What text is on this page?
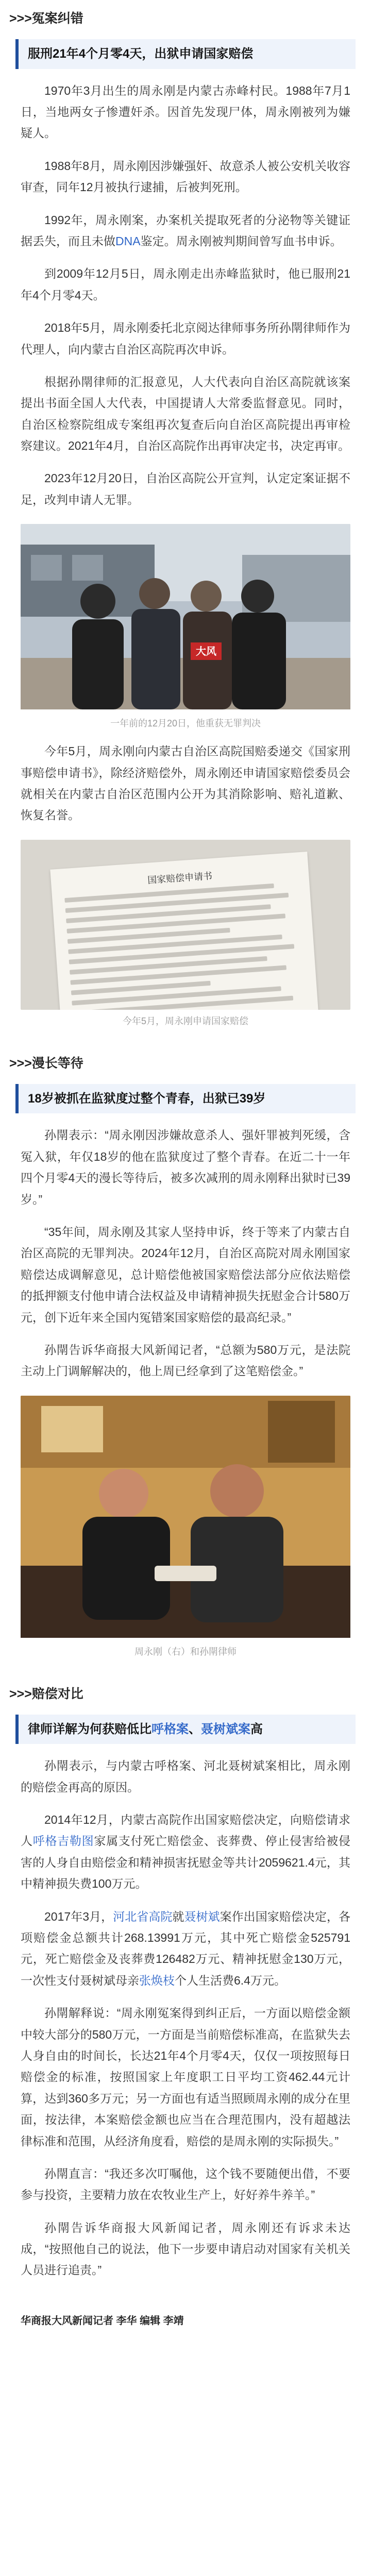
>>>冤案纠错
服刑21年4个月零4天，出狱申请国家赔偿

1970年3月出生的周永刚是内蒙古赤峰村民。1988年7月1日，当地两女子惨遭奸杀。因首先发现尸体，周永刚被列为嫌疑人。

1988年8月，周永刚因涉嫌强奸、故意杀人被公安机关收容审查，同年12月被执行逮捕，后被判死刑。

1992年，周永刚案，办案机关提取死者的分泌物等关键证据丢失，而且未做DNA鉴定。周永刚被判期间曾写血书申诉。

到2009年12月5日，周永刚走出赤峰监狱时，他已服刑21年4个月零4天。

2018年5月，周永刚委托北京阅达律师事务所孙閛律师作为代理人，向内蒙古自治区高院再次申诉。

根据孙閛律师的汇报意见，人大代表向自治区高院就该案提出书面全国人大代表，中国提请人大常委监督意见。同时，自治区检察院组成专案组再次复查后向自治区高院提出再审检察建议。2021年4月，自治区高院作出再审决定书，决定再审。

2023年12月20日，自治区高院公开宣判，认定定案证据不足，改判申请人无罪。

大风
一年前的12月20日，他重获无罪判决

今年5月，周永刚向内蒙古自治区高院国赔委递交《国家刑事赔偿申请书》，除经济赔偿外，周永刚还申请国家赔偿委员会就相关在内蒙古自治区范围内公开为其消除影响、赔礼道歉、恢复名誉。

国家赔偿申请书
今年5月，周永刚申请国家赔偿
>>>漫长等待
18岁被抓在监狱度过整个青春，出狱已39岁

孙閛表示：“周永刚因涉嫌故意杀人、强奸罪被判死缓，含冤入狱，年仅18岁的他在监狱度过了整个青春。在近二十一年四个月零4天的漫长等待后，被多次减刑的周永刚释出狱时已39岁。”

“35年间，周永刚及其家人坚持申诉，终于等来了内蒙古自治区高院的无罪判决。2024年12月，自治区高院对周永刚国家赔偿达成调解意见，总计赔偿他被国家赔偿法部分应依法赔偿的抵押额支付他申请合法权益及申请精神损失抚慰金合计580万元，创下近年来全国内冤错案国家赔偿的最高纪录。”

孙閛告诉华商报大风新闻记者，“总额为580万元，是法院主动上门调解解决的，他上周已经拿到了这笔赔偿金。”

周永刚（右）和孙閛律师
>>>赔偿对比
律师详解为何获赔低比呼格案、聂树斌案高

孙閛表示，与内蒙古呼格案、河北聂树斌案相比，周永刚的赔偿金再高的原因。

2014年12月，内蒙古高院作出国家赔偿决定，向赔偿请求人呼格吉勒图家属支付死亡赔偿金、丧葬费、停止侵害给被侵害的人身自由赔偿金和精神损害抚慰金等共计2059621.4元，其中精神损失费100万元。

2017年3月，河北省高院就聂树斌案作出国家赔偿决定，各项赔偿金总额共计268.13991万元，其中死亡赔偿金525791元，死亡赔偿金及丧葬费126482万元、精神抚慰金130万元，一次性支付聂树斌母亲张焕枝个人生活费6.4万元。

孙閛解释说：“周永刚冤案得到纠正后，一方面以赔偿金额中较大部分的580万元，一方面是当前赔偿标准高，在监狱失去人身自由的时间长，长达21年4个月零4天，仅仅一项按照每日赔偿金的标准，按照国家上年度职工日平均工资462.44元计算，达到360多万元；另一方面也有适当照顾周永刚的成分在里面，按法律，本案赔偿金额也应当在合理范围内，没有超越法律标准和范围，从经济角度看，赔偿的是周永刚的实际损失。”

孙閛直言：“我还多次叮嘱他，这个钱不要随便出借，不要参与投资，主要精力放在农牧业生产上，好好养牛养羊。”

孙閛告诉华商报大风新闻记者，周永刚还有诉求未达成，“按照他自己的说法，他下一步要申请启动对国家有关机关人员进行追责。”

华商报大风新闻记者 李华 编辑 李靖
